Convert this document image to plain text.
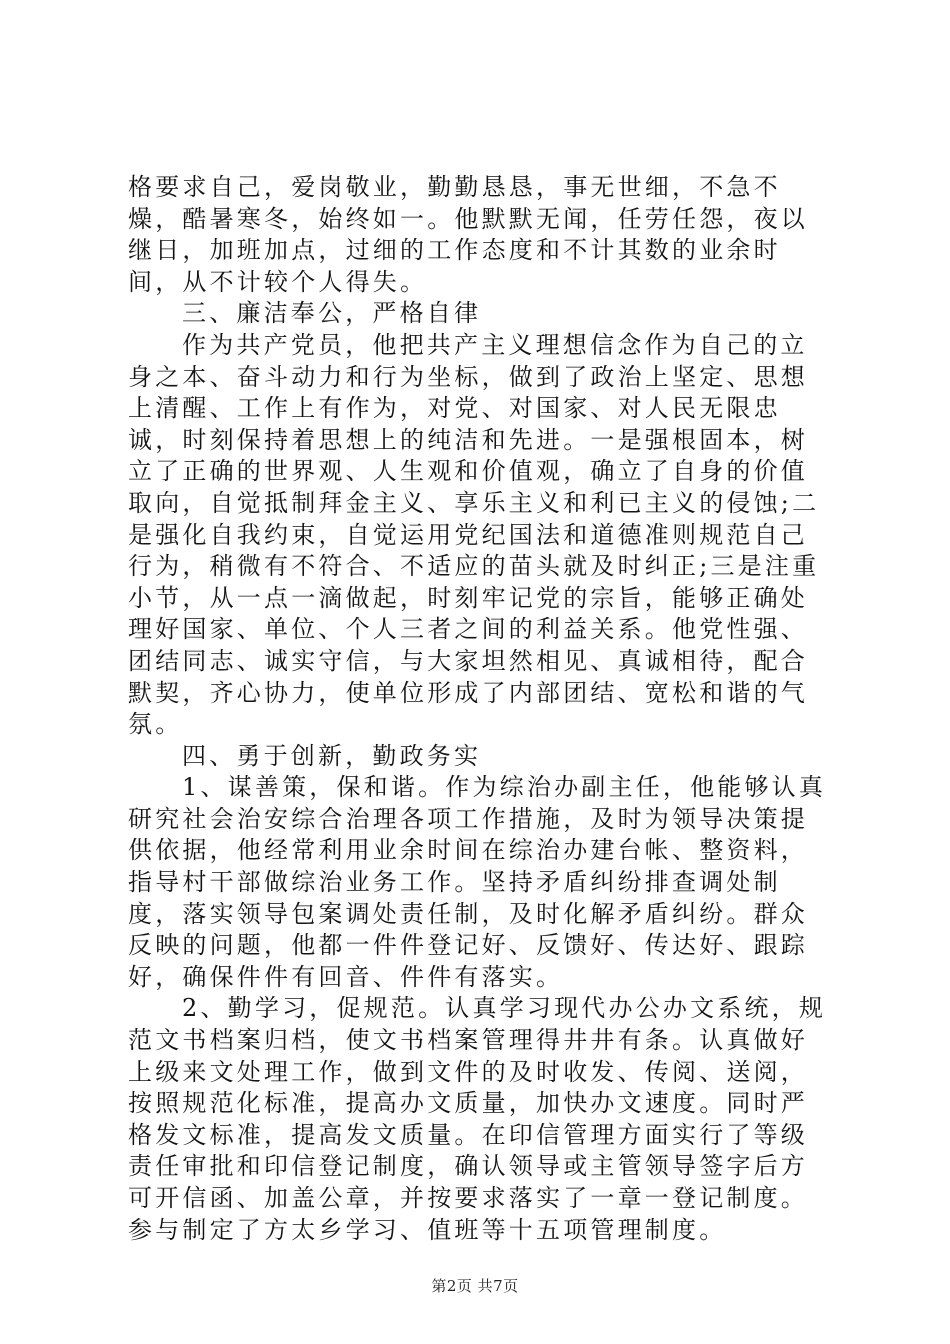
格要求自己，爱岗敬业，勤勤恳恳，事无世细，不急不燥，酷暑寒冬，始终如一。他默默无闻，任劳任怨，夜以继日，加班加点，过细的工作态度和不计其数的业余时间，从不计较个人得失。

三、廉洁奉公，严格自律

作为共产党员，他把共产主义理想信念作为自己的立身之本、奋斗动力和行为坐标，做到了政治上坚定、思想上清醒、工作上有作为，对党、对国家、对人民无限忠诚，时刻保持着思想上的纯洁和先进。一是强根固本，树立了正确的世界观、人生观和价值观，确立了自身的价值取向，自觉抵制拜金主义、享乐主义和利已主义的侵蚀;二是强化自我约束，自觉运用党纪国法和道德准则规范自己行为，稍微有不符合、不适应的苗头就及时纠正;三是注重小节，从一点一滴做起，时刻牢记党的宗旨，能够正确处理好国家、单位、个人三者之间的利益关系。他党性强、团结同志、诚实守信，与大家坦然相见、真诚相待，配合默契，齐心协力，使单位形成了内部团结、宽松和谐的气氛。

四、勇于创新，勤政务实

1、谋善策，保和谐。作为综治办副主任，他能够认真研究社会治安综合治理各项工作措施，及时为领导决策提供依据，他经常利用业余时间在综治办建台帐、整资料，指导村干部做综治业务工作。坚持矛盾纠纷排查调处制度，落实领导包案调处责任制，及时化解矛盾纠纷。群众反映的问题，他都一件件登记好、反馈好、传达好、跟踪好，确保件件有回音、件件有落实。

2、勤学习，促规范。认真学习现代办公办文系统，规范文书档案归档，使文书档案管理得井井有条。认真做好上级来文处理工作，做到文件的及时收发、传阅、送阅，按照规范化标准，提高办文质量，加快办文速度。同时严格发文标准，提高发文质量。在印信管理方面实行了等级责任审批和印信登记制度，确认领导或主管领导签字后方可开信函、加盖公章，并按要求落实了一章一登记制度。参与制定了方太乡学习、值班等十五项管理制度。

第2页 共7页
